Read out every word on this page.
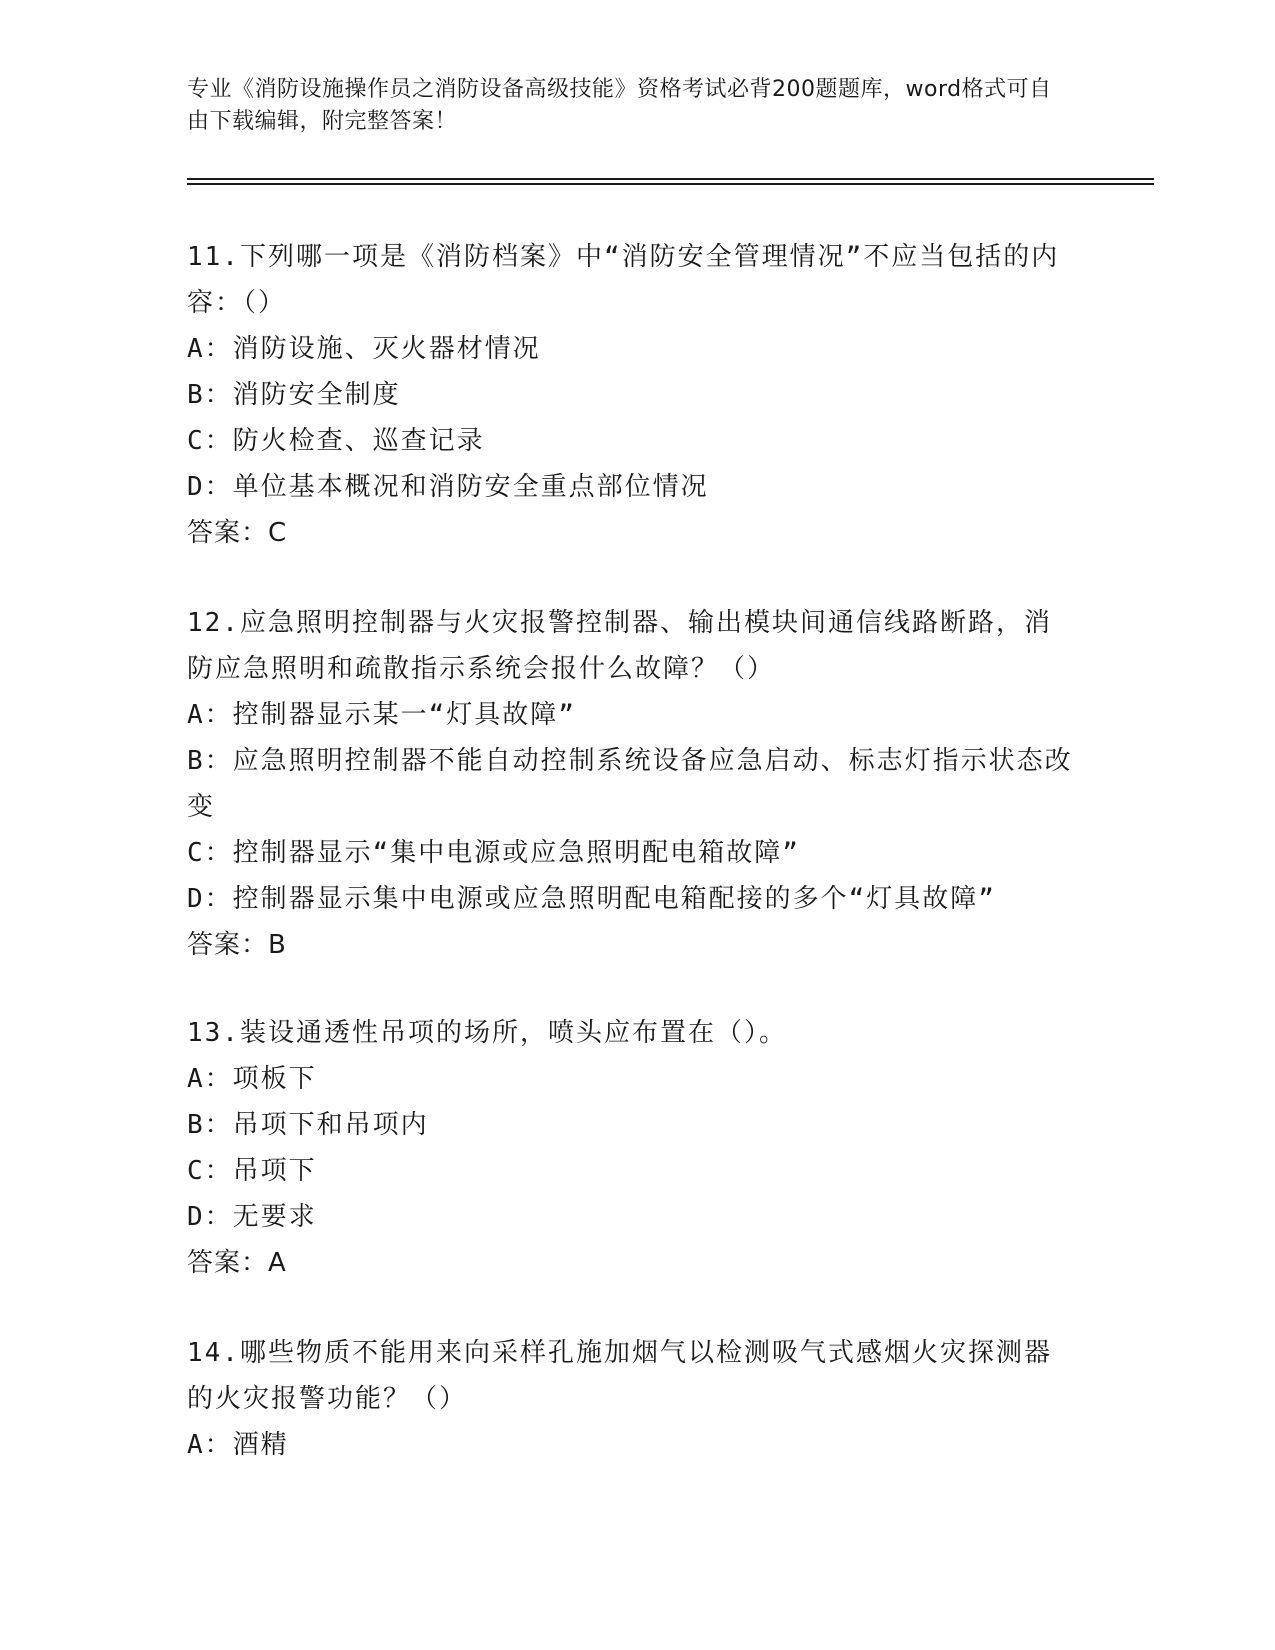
专业《消防设施操作员之消防设备高级技能》资格考试必背200题题库，word格式可自由下载编辑，附完整答案！

11.下列哪一项是《消防档案》中“消防安全管理情况”不应当包括的内容：（）

A：消防设施、灭火器材情况

B：消防安全制度

C：防火检查、巡查记录

D：单位基本概况和消防安全重点部位情况

答案：C

12.应急照明控制器与火灾报警控制器、输出模块间通信线路断路，消防应急照明和疏散指示系统会报什么故障？（）

A：控制器显示某一“灯具故障”

B：应急照明控制器不能自动控制系统设备应急启动、标志灯指示状态改变

C：控制器显示“集中电源或应急照明配电箱故障”

D：控制器显示集中电源或应急照明配电箱配接的多个“灯具故障”

答案：B

13.装设通透性吊项的场所，喷头应布置在（）。

A：项板下

B：吊项下和吊项内

C：吊项下

D：无要求

答案：A

14.哪些物质不能用来向采样孔施加烟气以检测吸气式感烟火灾探测器的火灾报警功能？（）

A：酒精
